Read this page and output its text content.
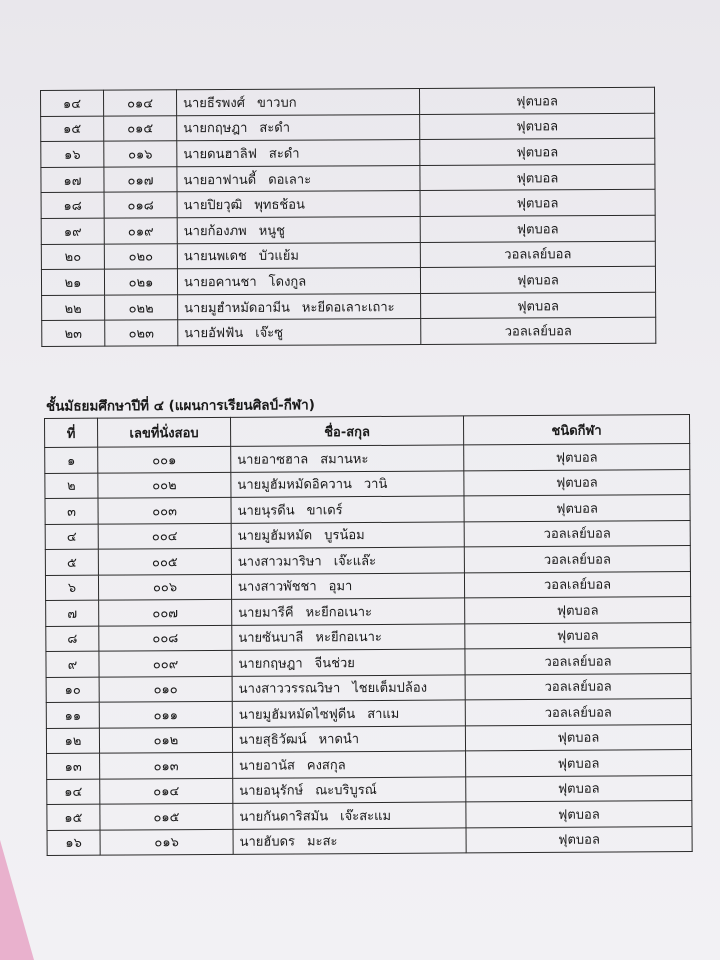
๑๔	๐๑๔	นายธีรพงศ์ ขาวบก	ฟุตบอล
๑๕	๐๑๕	นายกฤษฎา สะดำ	ฟุตบอล
๑๖	๐๑๖	นายดนฮาลิฟ สะดำ	ฟุตบอล
๑๗	๐๑๗	นายอาฟานดี้ ดอเลาะ	ฟุตบอล
๑๘	๐๑๘	นายปิยวุฒิ พุทธช้อน	ฟุตบอล
๑๙	๐๑๙	นายก้องภพ หนูชู	ฟุตบอล
๒๐	๐๒๐	นายนพเดช บัวแย้ม	วอลเลย์บอล
๒๑	๐๒๑	นายอคานชา โดงกูล	ฟุตบอล
๒๒	๐๒๒	นายมูฮำหมัดอามีน หะยีดอเลาะเถาะ	ฟุตบอล
๒๓	๐๒๓	นายอัฟฟัน เจ๊ะซู	วอลเลย์บอล
ชั้นมัธยมศึกษาปีที่ ๔ (แผนการเรียนศิลป์-กีฬา)
ที่	เลขที่นั่งสอบ	ชื่อ-สกุล	ชนิดกีฬา
๑	๐๐๑	นายอาซฮาล สมานหะ	ฟุตบอล
๒	๐๐๒	นายมูฮัมหมัดอิควาน วานิ	ฟุตบอล
๓	๐๐๓	นายนุรดีน ขาเดร์	ฟุตบอล
๔	๐๐๔	นายมูฮัมหมัด บูรน้อม	วอลเลย์บอล
๕	๐๐๕	นางสาวมาริษา เจ๊ะแล๊ะ	วอลเลย์บอล
๖	๐๐๖	นางสาวพัชชา อุมา	วอลเลย์บอล
๗	๐๐๗	นายมารีคี หะยีกอเนาะ	ฟุตบอล
๘	๐๐๘	นายซันบาลี หะยีกอเนาะ	ฟุตบอล
๙	๐๐๙	นายกฤษฎา จีนช่วย	วอลเลย์บอล
๑๐	๐๑๐	นางสาววรรณวิษา ไชยเต็มปล้อง	วอลเลย์บอล
๑๑	๐๑๑	นายมูฮัมหมัดไซฟูดีน สาแม	วอลเลย์บอล
๑๒	๐๑๒	นายสุธิวัฒน์ หาดนำ	ฟุตบอล
๑๓	๐๑๓	นายอานัส คงสกุล	ฟุตบอล
๑๔	๐๑๔	นายอนุรักษ์ ณะบริบูรณ์	ฟุตบอล
๑๕	๐๑๕	นายกันดาริสมัน เจ๊ะสะแม	ฟุตบอล
๑๖	๐๑๖	นายฮับดร มะสะ	ฟุตบอล
